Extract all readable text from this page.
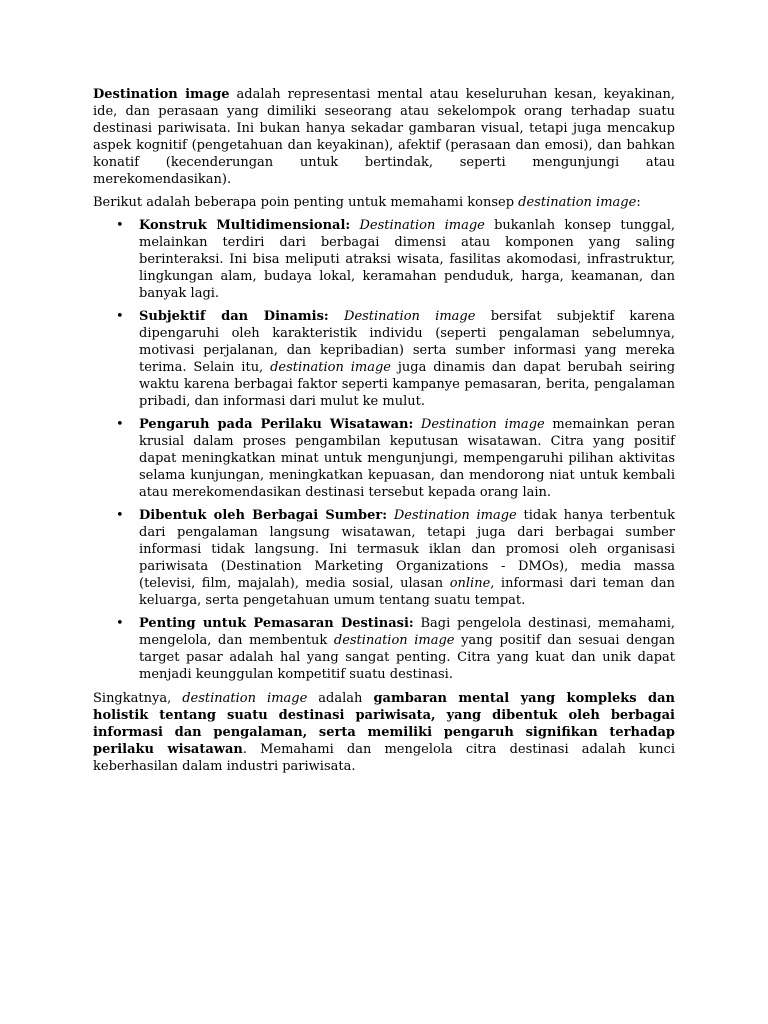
Destination image adalah representasi mental atau keseluruhan kesan, keyakinan, ide, dan perasaan yang dimiliki seseorang atau sekelompok orang terhadap suatu destinasi pariwisata. Ini bukan hanya sekadar gambaran visual, tetapi juga mencakup aspek kognitif (pengetahuan dan keyakinan), afektif (perasaan dan emosi), dan bahkan konatif (kecenderungan untuk bertindak, seperti mengunjungi atau merekomendasikan).

Berikut adalah beberapa poin penting untuk memahami konsep destination image:

• Konstruk Multidimensional: Destination image bukanlah konsep tunggal, melainkan terdiri dari berbagai dimensi atau komponen yang saling berinteraksi. Ini bisa meliputi atraksi wisata, fasilitas akomodasi, infrastruktur, lingkungan alam, budaya lokal, keramahan penduduk, harga, keamanan, dan banyak lagi.
• Subjektif dan Dinamis: Destination image bersifat subjektif karena dipengaruhi oleh karakteristik individu (seperti pengalaman sebelumnya, motivasi perjalanan, dan kepribadian) serta sumber informasi yang mereka terima. Selain itu, destination image juga dinamis dan dapat berubah seiring waktu karena berbagai faktor seperti kampanye pemasaran, berita, pengalaman pribadi, dan informasi dari mulut ke mulut.
• Pengaruh pada Perilaku Wisatawan: Destination image memainkan peran krusial dalam proses pengambilan keputusan wisatawan. Citra yang positif dapat meningkatkan minat untuk mengunjungi, mempengaruhi pilihan aktivitas selama kunjungan, meningkatkan kepuasan, dan mendorong niat untuk kembali atau merekomendasikan destinasi tersebut kepada orang lain.
• Dibentuk oleh Berbagai Sumber: Destination image tidak hanya terbentuk dari pengalaman langsung wisatawan, tetapi juga dari berbagai sumber informasi tidak langsung. Ini termasuk iklan dan promosi oleh organisasi pariwisata (Destination Marketing Organizations - DMOs), media massa (televisi, film, majalah), media sosial, ulasan online, informasi dari teman dan keluarga, serta pengetahuan umum tentang suatu tempat.
• Penting untuk Pemasaran Destinasi: Bagi pengelola destinasi, memahami, mengelola, dan membentuk destination image yang positif dan sesuai dengan target pasar adalah hal yang sangat penting. Citra yang kuat dan unik dapat menjadi keunggulan kompetitif suatu destinasi.

Singkatnya, destination image adalah gambaran mental yang kompleks dan holistik tentang suatu destinasi pariwisata, yang dibentuk oleh berbagai informasi dan pengalaman, serta memiliki pengaruh signifikan terhadap perilaku wisatawan. Memahami dan mengelola citra destinasi adalah kunci keberhasilan dalam industri pariwisata.
